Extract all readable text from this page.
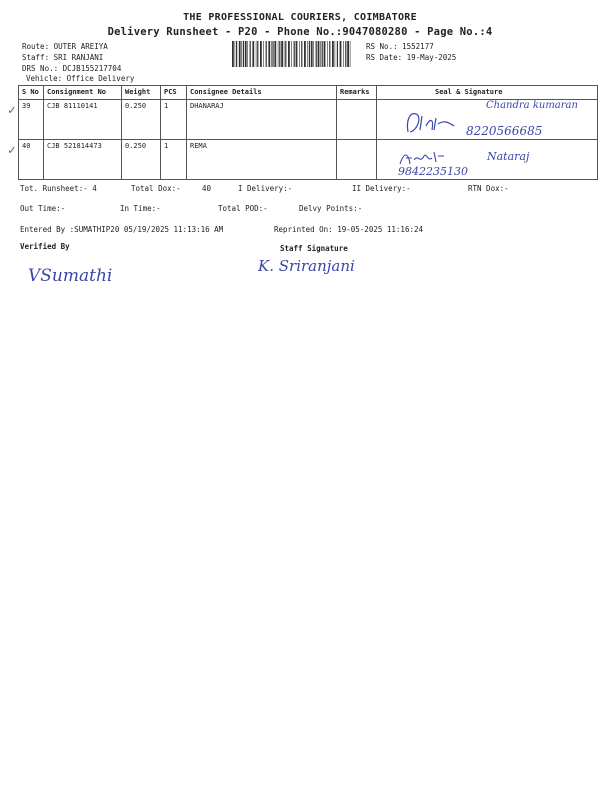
THE PROFESSIONAL COURIERS, COIMBATORE
Delivery Runsheet - P20 - Phone No.:9047080280 - Page No.:4
Route: OUTER AREIYA
Staff: SRI RANJANI
DRS No.: DCJB155217704
Vehicle: Office Delivery
RS No.: 1552177
RS Date: 19-May-2025
S No	Consignment No	Weight	PCS	Consignee Details	Remarks	Seal & Signature
39	CJB 81110141	0.250	1	DHANARAJ		
40	CJB 521814473	0.250	1	REMA		
✓
✓
Chandra kumaran
8220566685
Nataraj
9842235130
Tot. Runsheet:- 4	Total Dox:-	40	I Delivery:-	II Delivery:-	RTN Dox:-
Out Time:-	In Time:-	Total POD:-	Delvy Points:-
Entered By :SUMATHIP20 05/19/2025 11:13:16 AM	Reprinted On: 19-05-2025 11:16:24
Verified By	Staff Signature
VSumathi	K. Sriranjani
